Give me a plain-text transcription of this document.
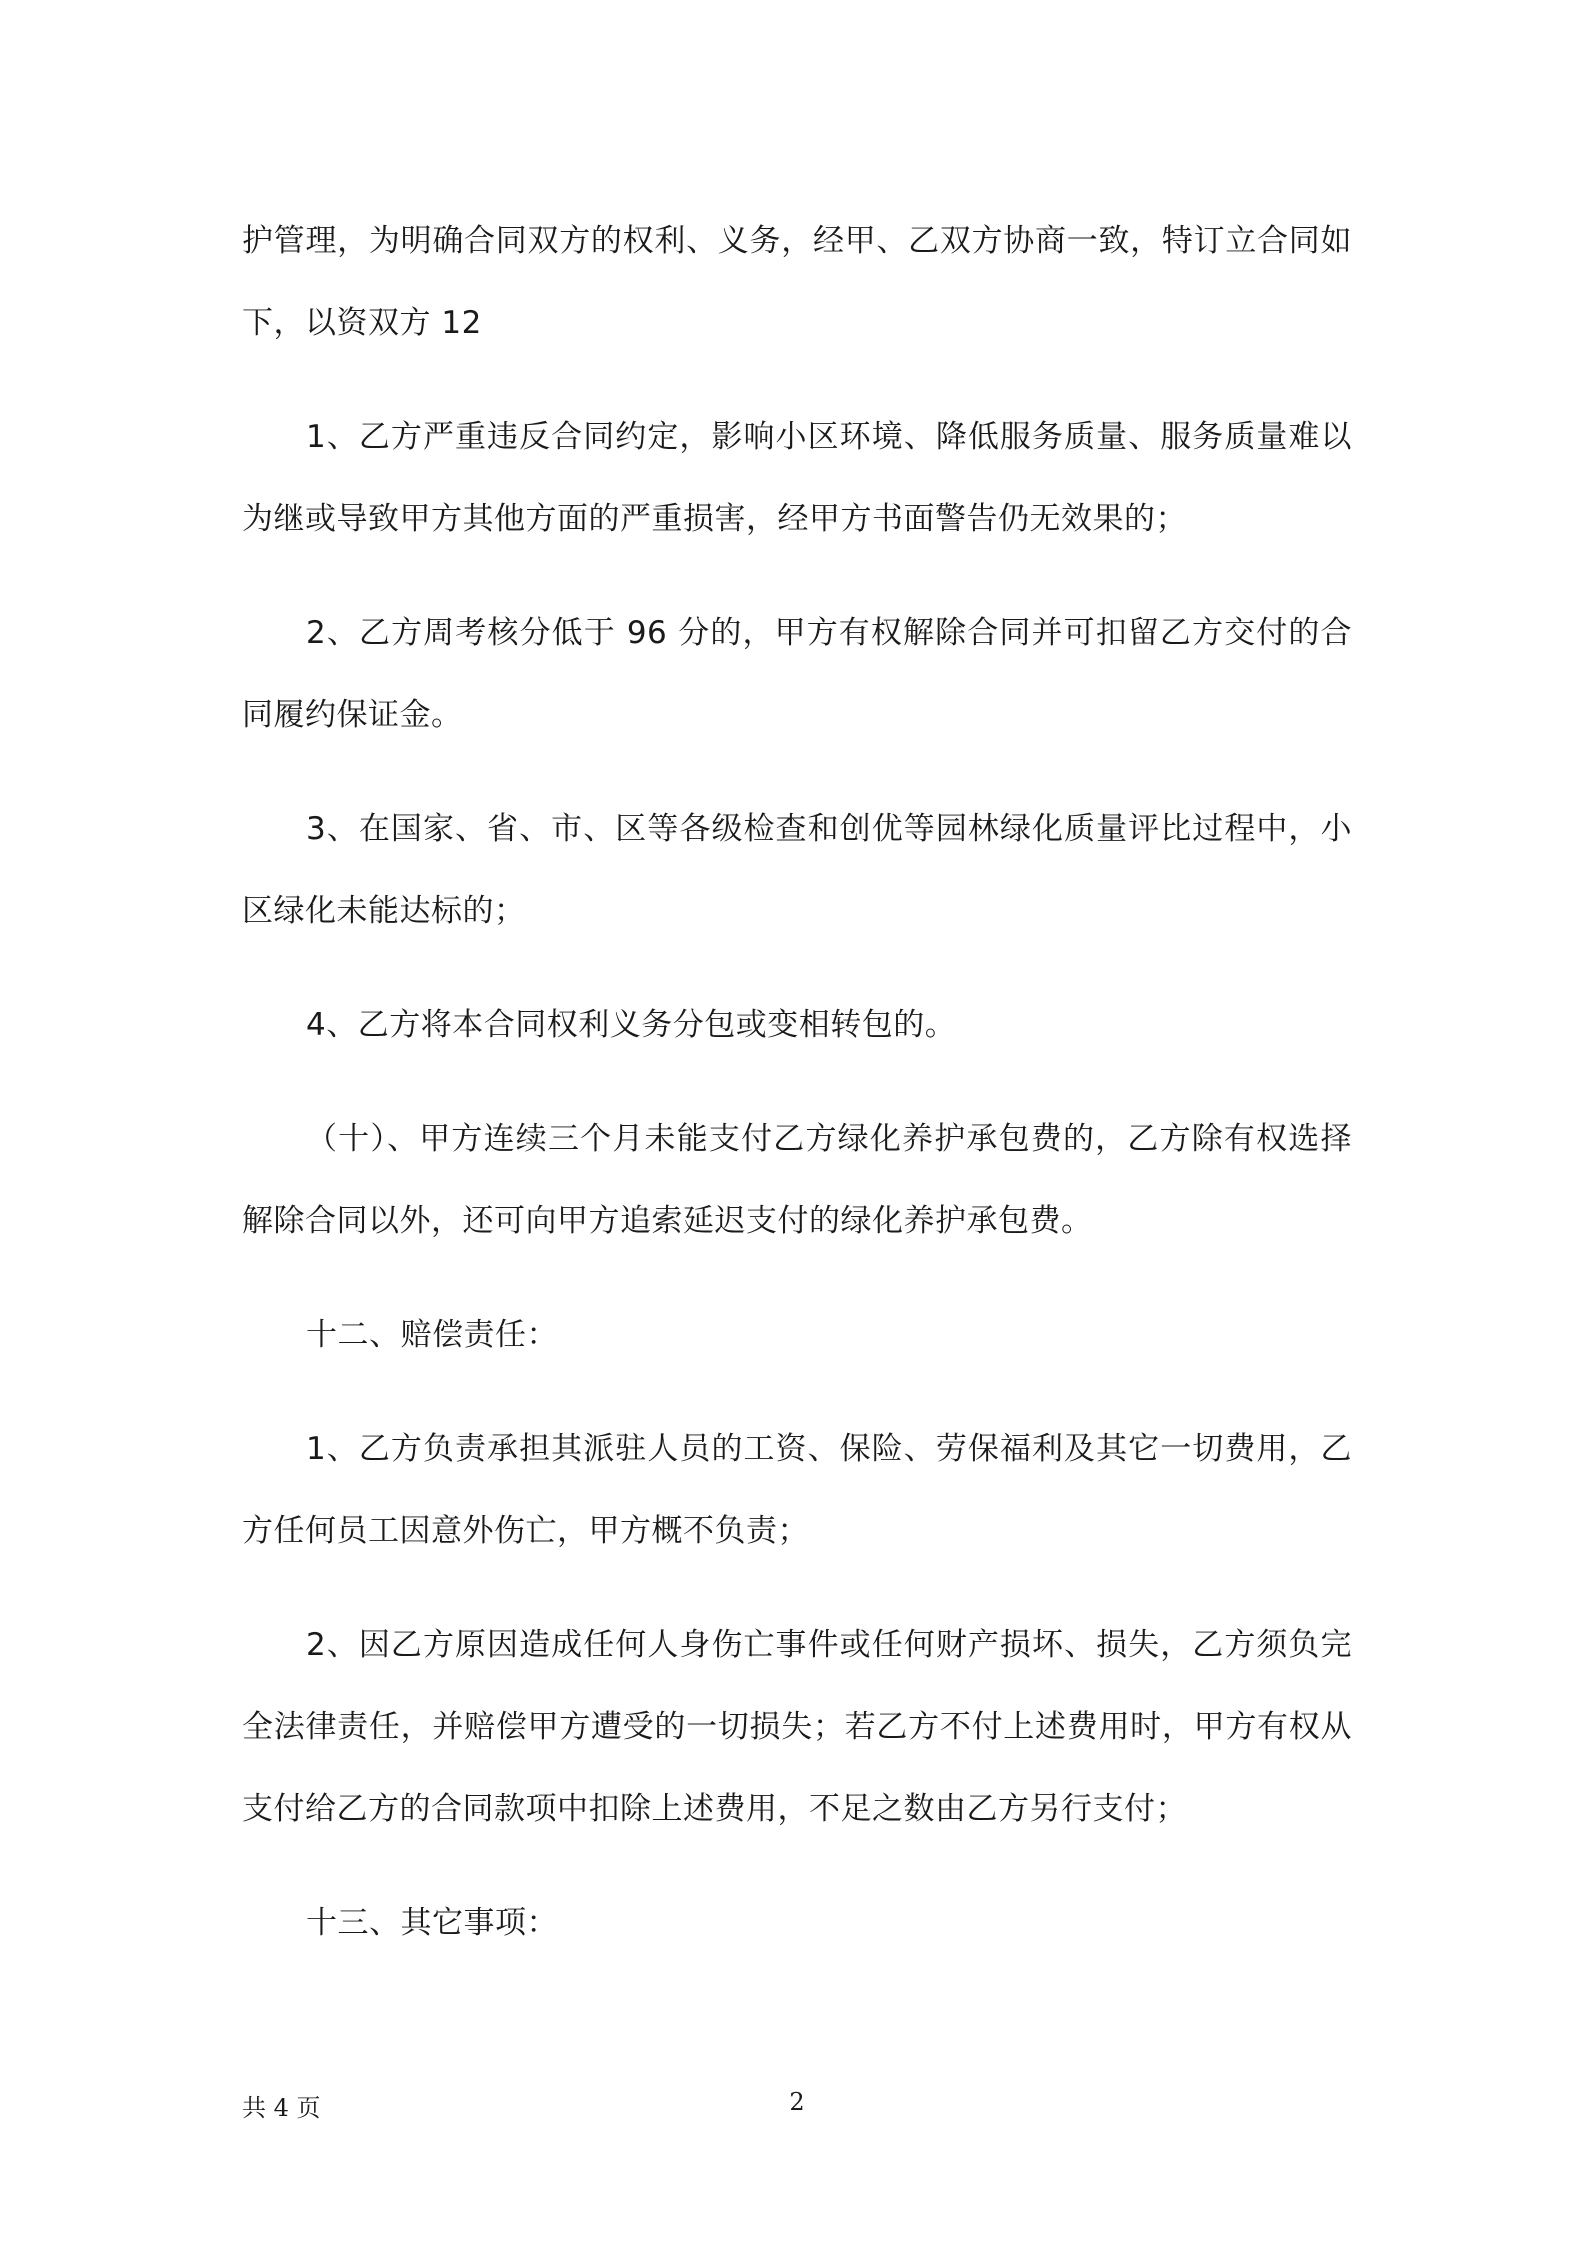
护管理，为明确合同双方的权利、义务，经甲、乙双方协商一致，特订立合同如下，以资双方 12

1、乙方严重违反合同约定，影响小区环境、降低服务质量、服务质量难以为继或导致甲方其他方面的严重损害，经甲方书面警告仍无效果的；

2、乙方周考核分低于 96 分的，甲方有权解除合同并可扣留乙方交付的合同履约保证金。

3、在国家、省、市、区等各级检查和创优等园林绿化质量评比过程中，小区绿化未能达标的；

4、乙方将本合同权利义务分包或变相转包的。

（十）、甲方连续三个月未能支付乙方绿化养护承包费的，乙方除有权选择解除合同以外，还可向甲方追索延迟支付的绿化养护承包费。

十二、赔偿责任：

1、乙方负责承担其派驻人员的工资、保险、劳保福利及其它一切费用，乙方任何员工因意外伤亡，甲方概不负责；

2、因乙方原因造成任何人身伤亡事件或任何财产损坏、损失，乙方须负完全法律责任，并赔偿甲方遭受的一切损失；若乙方不付上述费用时，甲方有权从支付给乙方的合同款项中扣除上述费用，不足之数由乙方另行支付；

十三、其它事项：

共 4 页	2
